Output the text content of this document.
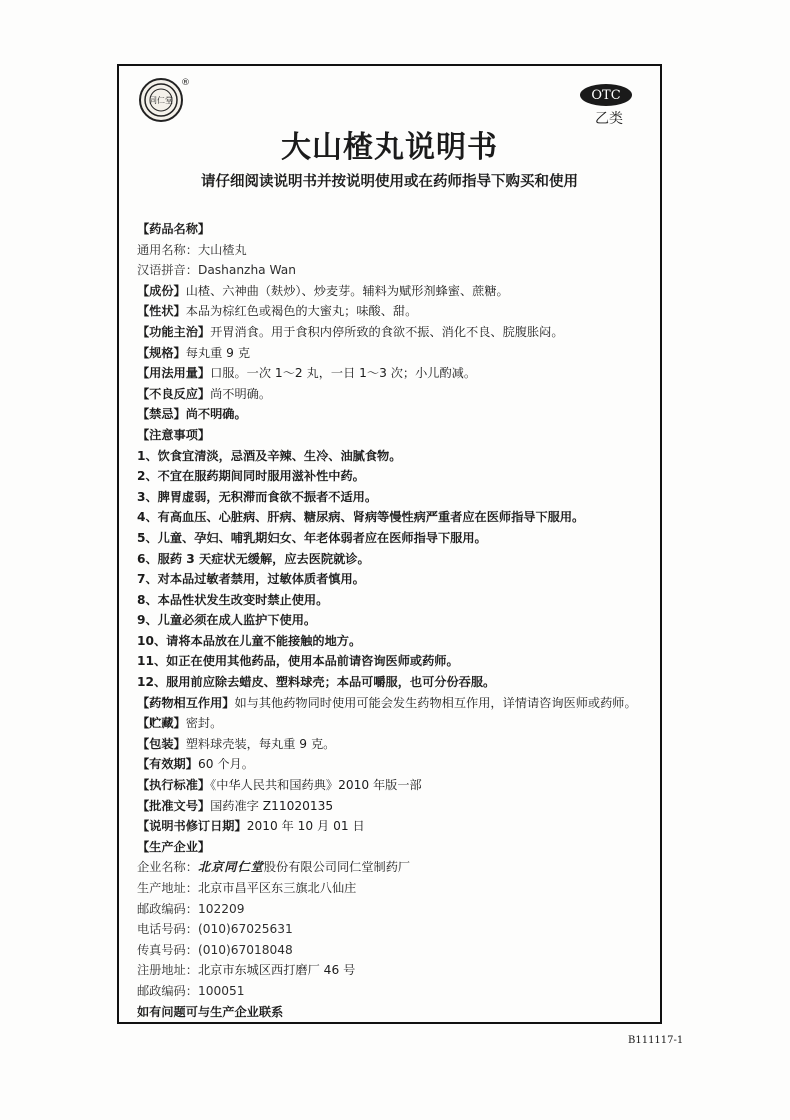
同仁堂
®
OTC
乙类
大山楂丸说明书
请仔细阅读说明书并按说明使用或在药师指导下购买和使用
【药品名称】
通用名称：大山楂丸
汉语拼音：Dashanzha Wan
【成份】山楂、六神曲（麸炒）、炒麦芽。辅料为赋形剂蜂蜜、蔗糖。
【性状】本品为棕红色或褐色的大蜜丸；味酸、甜。
【功能主治】开胃消食。用于食积内停所致的食欲不振、消化不良、脘腹胀闷。
【规格】每丸重 9 克
【用法用量】口服。一次 1～2 丸，一日 1～3 次；小儿酌减。
【不良反应】尚不明确。
【禁忌】尚不明确。
【注意事项】
1、饮食宜清淡，忌酒及辛辣、生冷、油腻食物。
2、不宜在服药期间同时服用滋补性中药。
3、脾胃虚弱，无积滞而食欲不振者不适用。
4、有高血压、心脏病、肝病、糖尿病、肾病等慢性病严重者应在医师指导下服用。
5、儿童、孕妇、哺乳期妇女、年老体弱者应在医师指导下服用。
6、服药 3 天症状无缓解，应去医院就诊。
7、对本品过敏者禁用，过敏体质者慎用。
8、本品性状发生改变时禁止使用。
9、儿童必须在成人监护下使用。
10、请将本品放在儿童不能接触的地方。
11、如正在使用其他药品，使用本品前请咨询医师或药师。
12、服用前应除去蜡皮、塑料球壳；本品可嚼服，也可分份吞服。
【药物相互作用】如与其他药物同时使用可能会发生药物相互作用，详情请咨询医师或药师。
【贮藏】密封。
【包装】塑料球壳装，每丸重 9 克。
【有效期】60 个月。
【执行标准】《中华人民共和国药典》2010 年版一部
【批准文号】国药准字 Z11020135
【说明书修订日期】2010 年 10 月 01 日
【生产企业】
企业名称：北京同仁堂股份有限公司同仁堂制药厂
生产地址：北京市昌平区东三旗北八仙庄
邮政编码：102209
电话号码：(010)67025631
传真号码：(010)67018048
注册地址：北京市东城区西打磨厂 46 号
邮政编码：100051
如有问题可与生产企业联系
B111117-1
